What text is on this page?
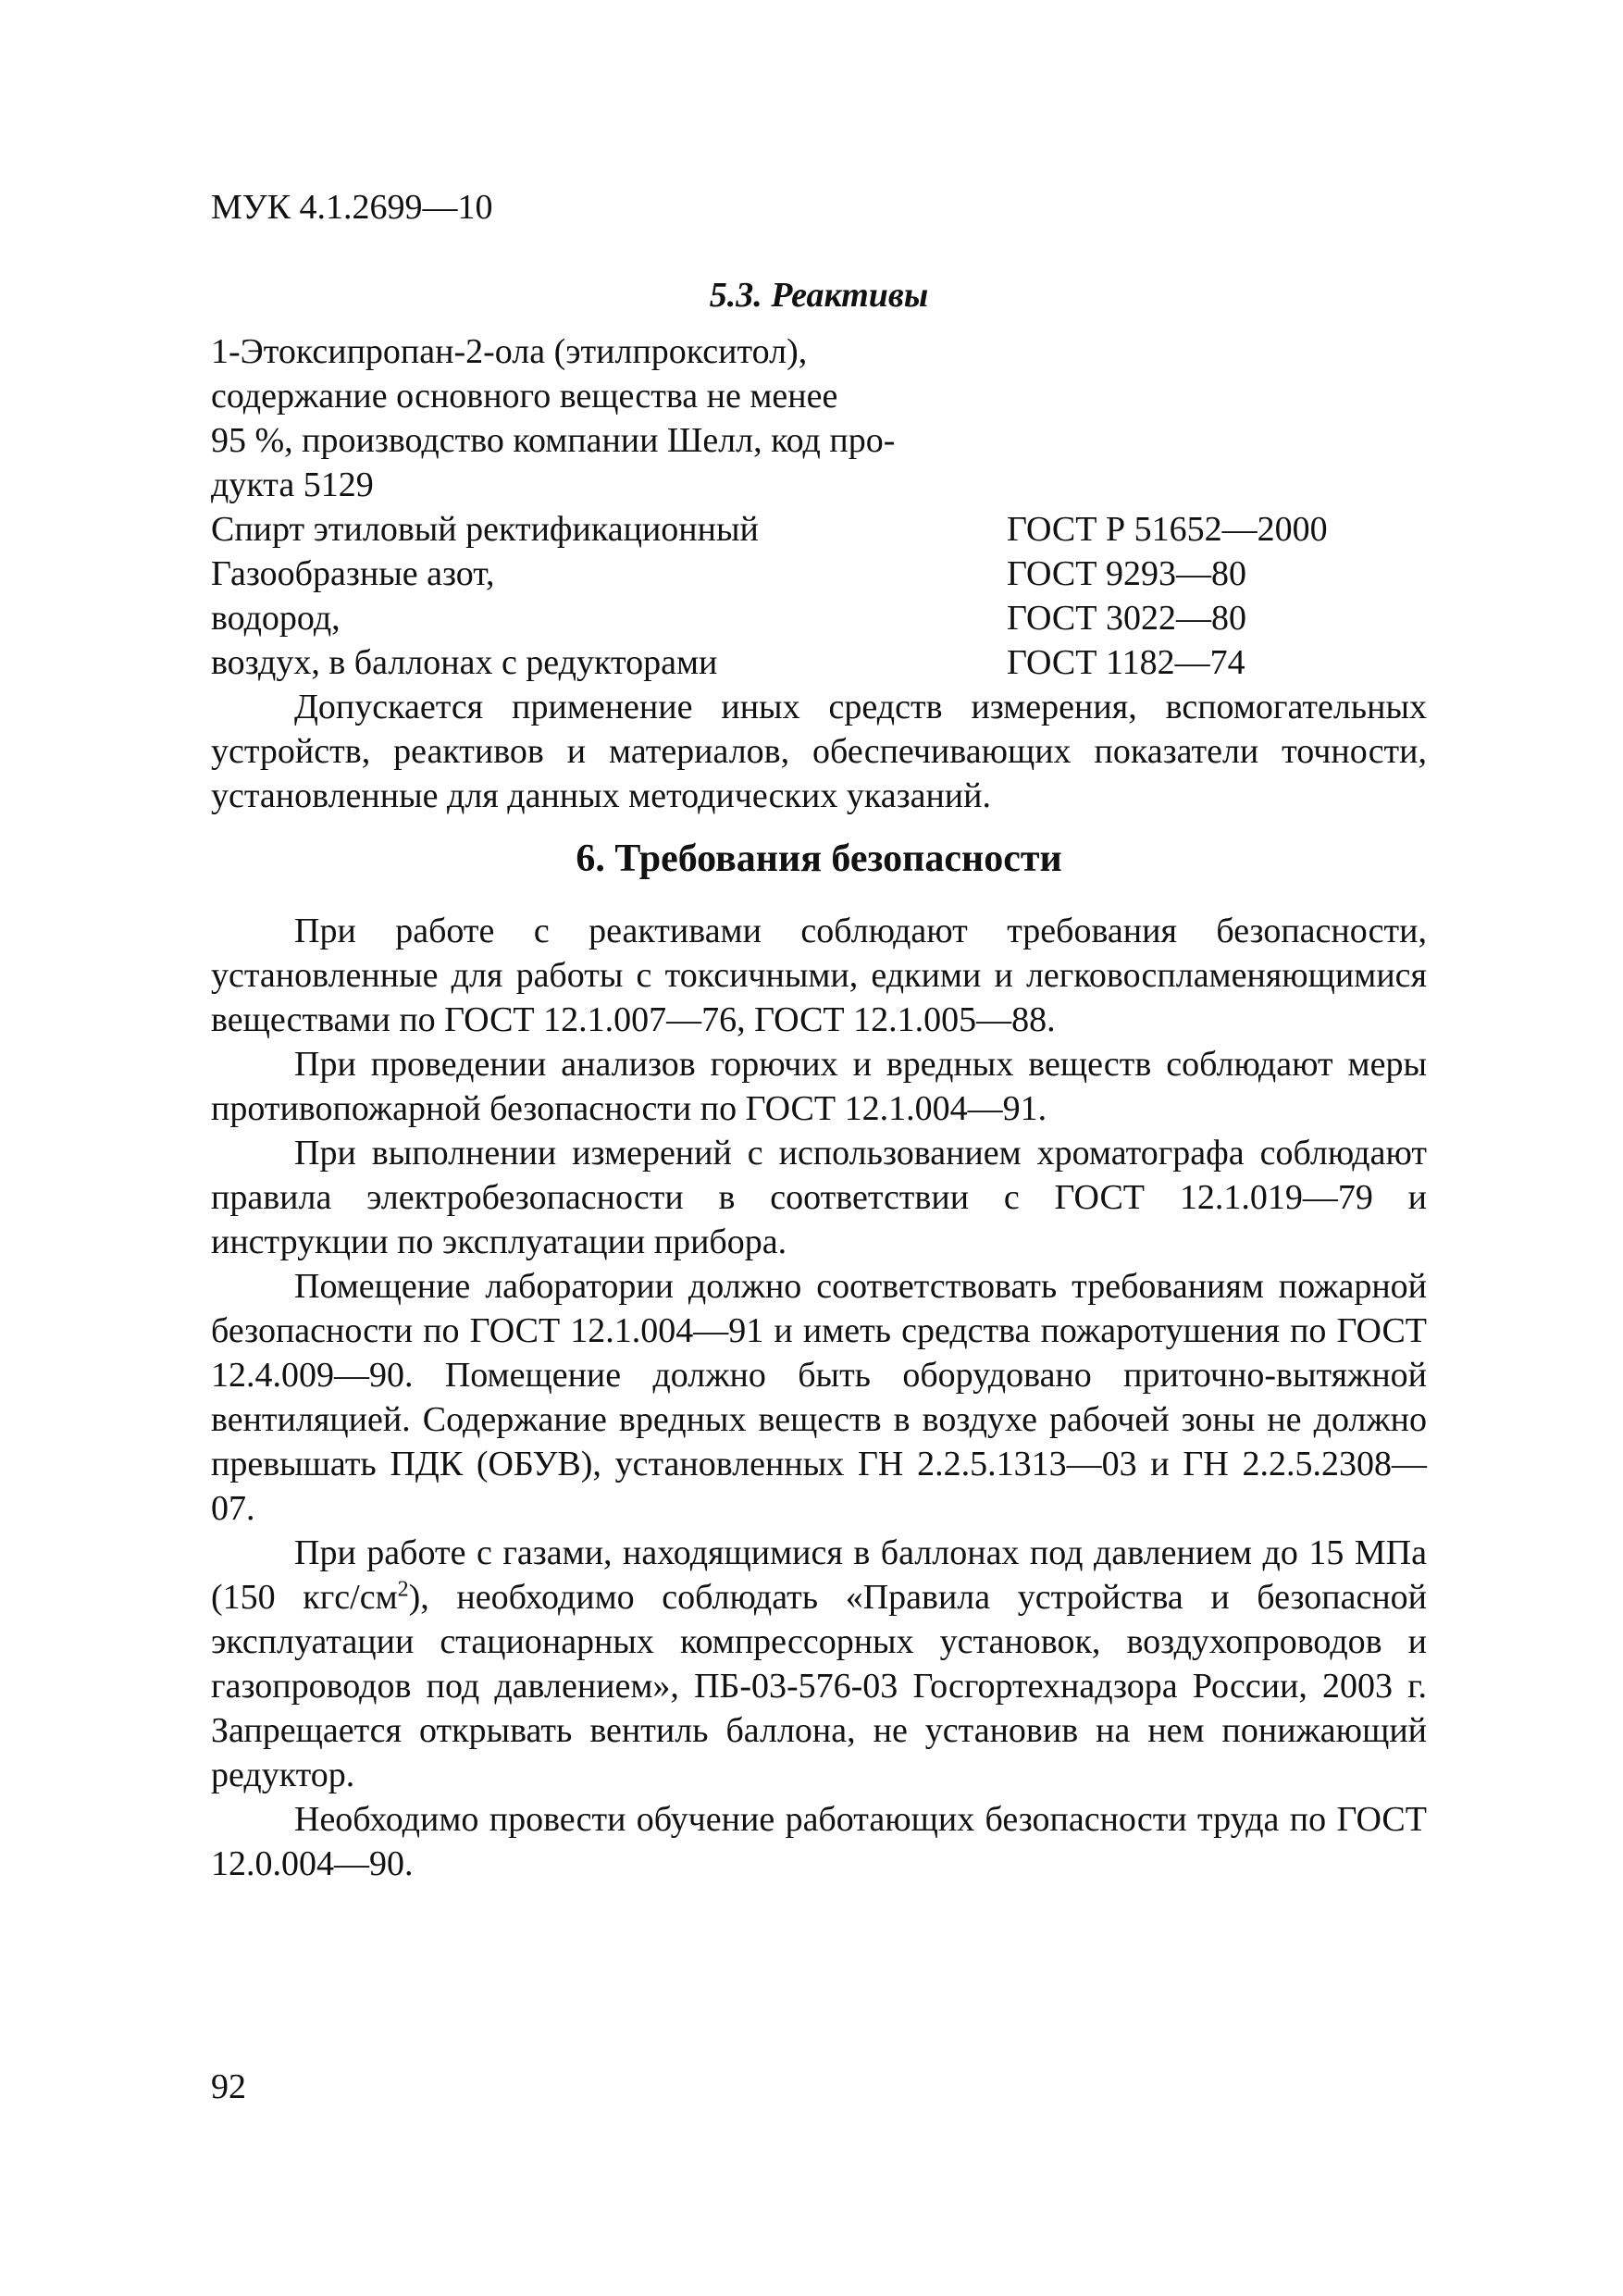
МУК 4.1.2699—10
5.3. Реактивы
1-Этоксипропан-2-ола (этилпрокситол),
содержание основного вещества не менее
95 %, производство компании Шелл, код про-
дукта 5129
Спирт этиловый ректификационный	ГОСТ Р 51652—2000
Газообразные азот,	ГОСТ 9293—80
водород,	ГОСТ 3022—80
воздух, в баллонах с редукторами	ГОСТ 1182—74

Допускается применение иных средств измерения, вспомогательных устройств, реактивов и материалов, обеспечивающих показатели точности, установленные для данных методических указаний.

6. Требования безопасности

При работе с реактивами соблюдают требования безопасности, установленные для работы с токсичными, едкими и легковоспламеняющимися веществами по ГОСТ 12.1.007—76, ГОСТ 12.1.005—88.

При проведении анализов горючих и вредных веществ соблюдают меры противопожарной безопасности по ГОСТ 12.1.004—91.

При выполнении измерений с использованием хроматографа соблюдают правила электробезопасности в соответствии с ГОСТ 12.1.019—79 и инструкции по эксплуатации прибора.

Помещение лаборатории должно соответствовать требованиям пожарной безопасности по ГОСТ 12.1.004—91 и иметь средства пожаротушения по ГОСТ 12.4.009—90. Помещение должно быть оборудовано приточно-вытяжной вентиляцией. Содержание вредных веществ в воздухе рабочей зоны не должно превышать ПДК (ОБУВ), установленных ГН 2.2.5.1313—03 и ГН 2.2.5.2308—07.

При работе с газами, находящимися в баллонах под давлением до 15 МПа (150 кгс/$см^2$), необходимо соблюдать «Правила устройства и безопасной эксплуатации стационарных компрессорных установок, воздухопроводов и газопроводов под давлением», ПБ-03-576-03 Госгортехнадзора России, 2003 г. Запрещается открывать вентиль баллона, не установив на нем понижающий редуктор.

Необходимо провести обучение работающих безопасности труда по ГОСТ 12.0.004—90.

92
